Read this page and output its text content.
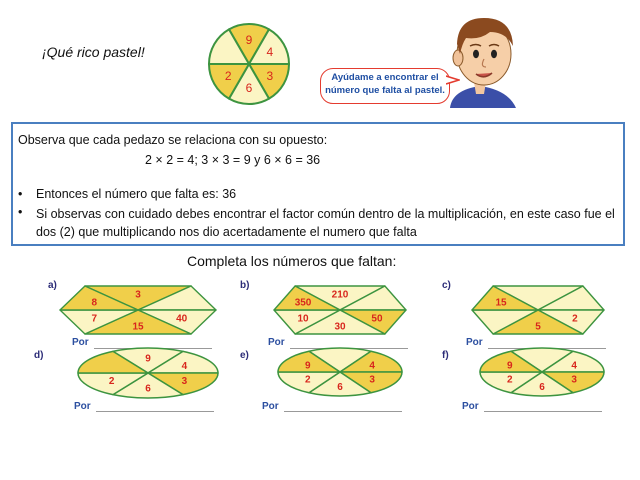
¡Qué rico pastel!
9
4
3
6
2	Ayúdame a encontrar el
número que falta al pastel.
Observa que cada pedazo se relaciona con su opuesto:
2 × 2 = 4; 3 × 3 = 9 y 6 × 6 = 36
• Entonces el número que falta es: 36
• Si observas con cuidado debes encontrar el factor común dentro de la multiplicación, en este caso fue el dos (2) que multiplicando nos dio acertadamente el numero que falta
Completa los números que faltan:
a)
3
40
15
7
8
Por
b)
210
50
30
10
350
Por
c)
2
5
15
Por
d)	9
4
3
6
2
Por
e)
4
3
6
2
9
Por
f)
4
3
6
2
9
Por
